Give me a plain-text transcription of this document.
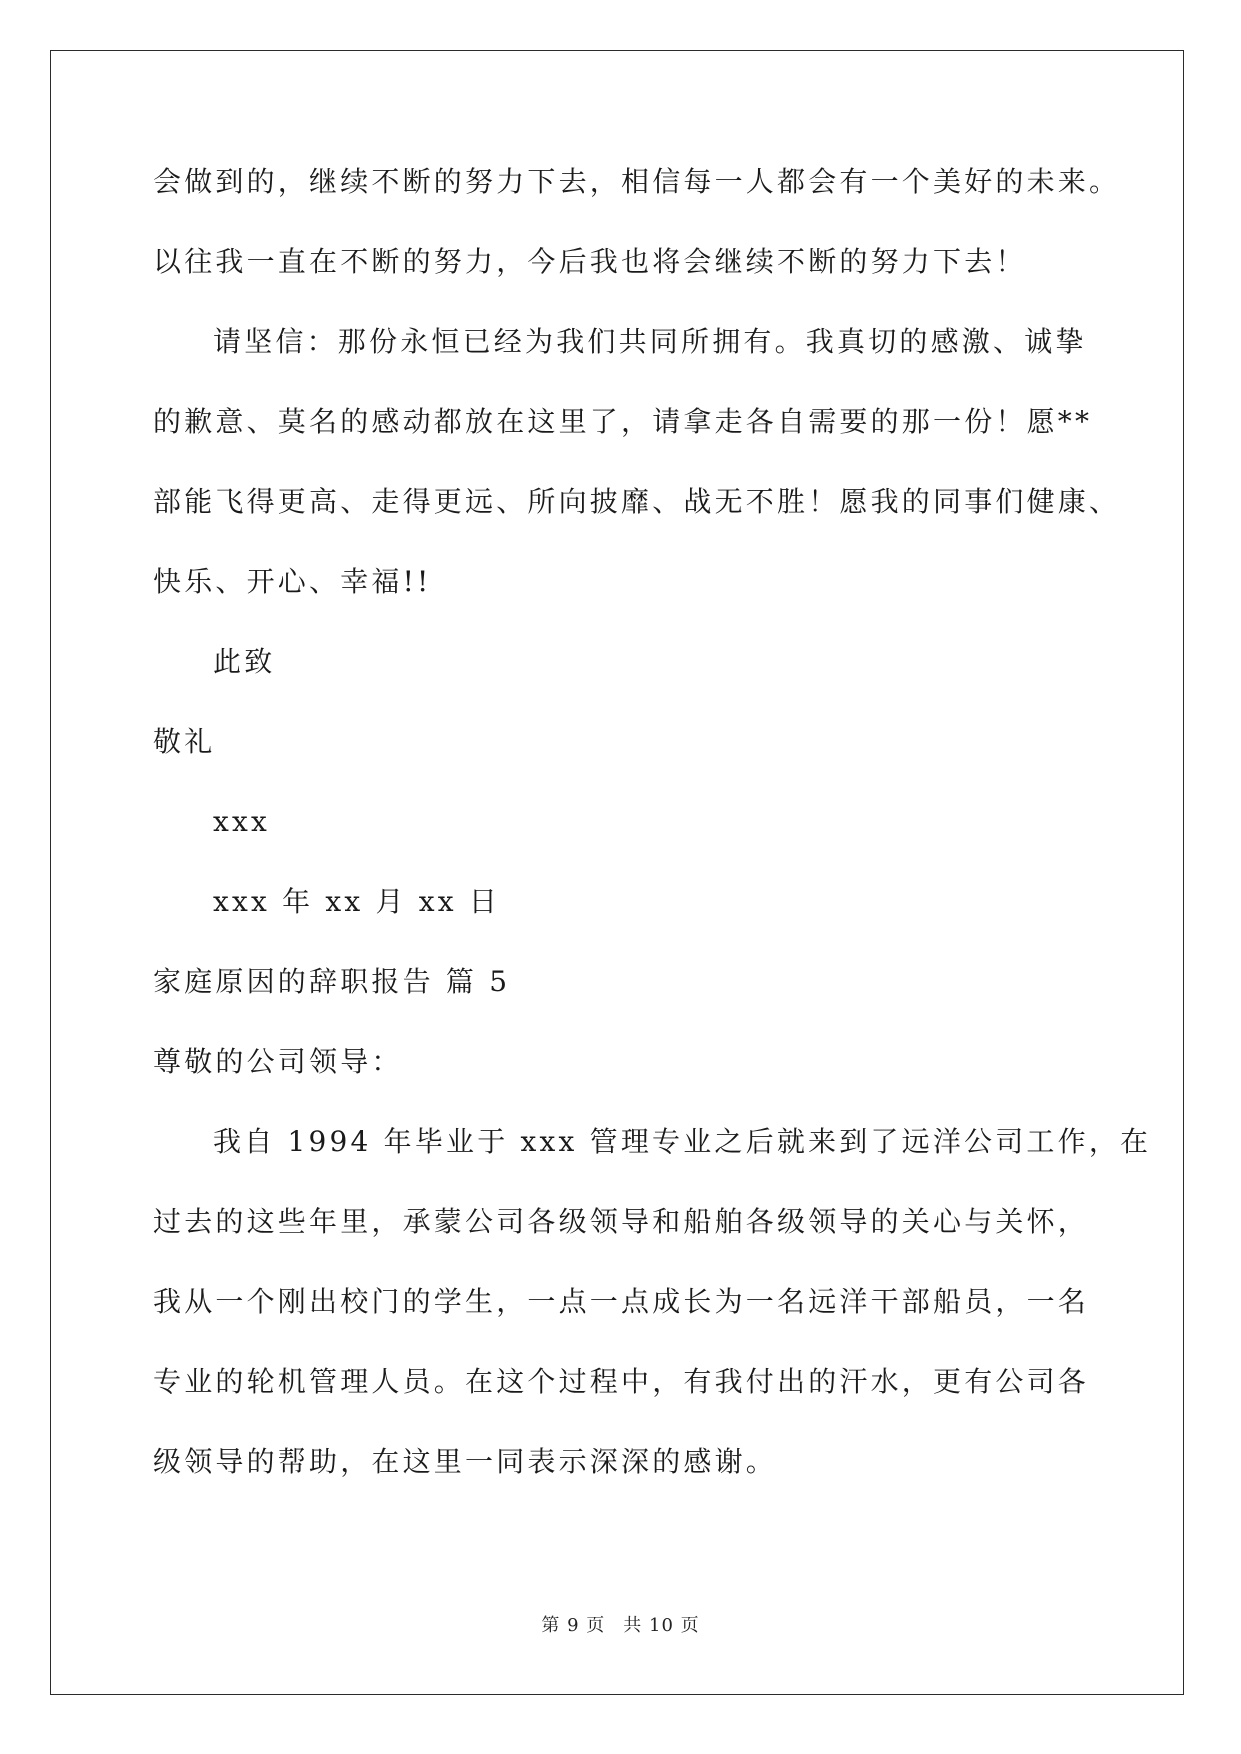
会做到的，继续不断的努力下去，相信每一人都会有一个美好的未来。

以往我一直在不断的努力，今后我也将会继续不断的努力下去！

请坚信：那份永恒已经为我们共同所拥有。我真切的感激、诚挚

的歉意、莫名的感动都放在这里了，请拿走各自需要的那一份！愿**

部能飞得更高、走得更远、所向披靡、战无不胜！愿我的同事们健康、

快乐、开心、幸福!!

此致

敬礼

xxx

xxx 年 xx 月 xx 日

家庭原因的辞职报告 篇 5

尊敬的公司领导：

我自 1994 年毕业于 xxx 管理专业之后就来到了远洋公司工作，在

过去的这些年里，承蒙公司各级领导和船舶各级领导的关心与关怀，

我从一个刚出校门的学生，一点一点成长为一名远洋干部船员，一名

专业的轮机管理人员。在这个过程中，有我付出的汗水，更有公司各

级领导的帮助，在这里一同表示深深的感谢。

第 9 页 共 10 页
